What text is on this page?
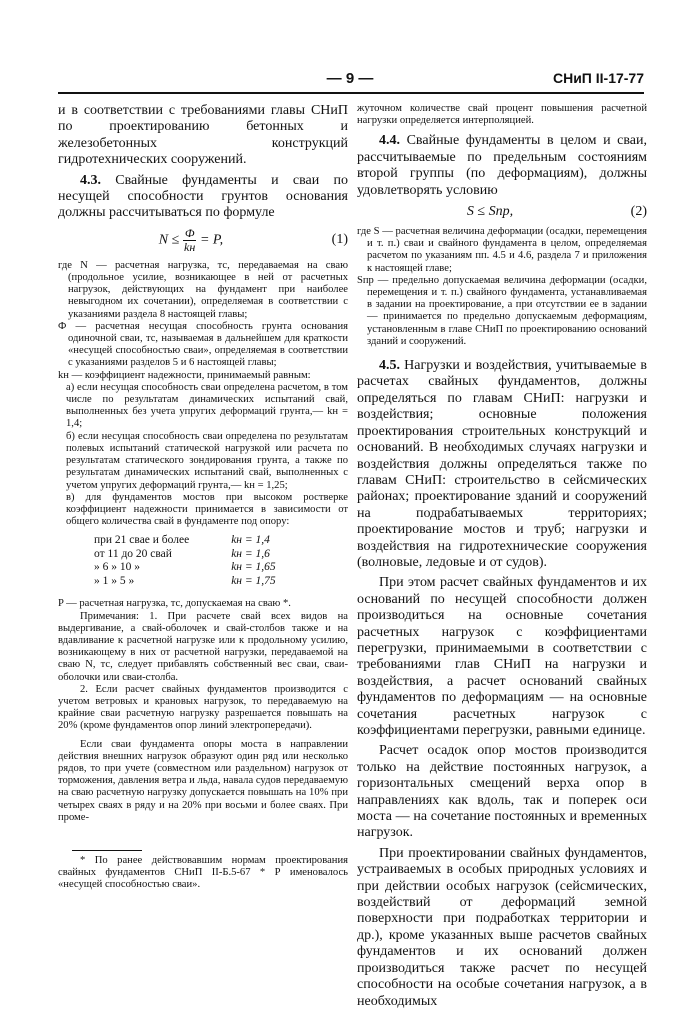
— 9 —	СНиП II-17-77

и в соответствии с требованиями главы СНиП по проектированию бетонных и железобетонных конструкций гидротехнических сооружений.

4.3. Свайные фундаменты и сваи по несущей способности грунтов основания должны рассчитываться по формуле

$N \le \frac{Ф}{kн} = P$,	(1)

где N — расчетная нагрузка, тс, передаваемая на сваю (продольное усилие, возникающее в ней от расчетных нагрузок, действующих на фундамент при наиболее невыгодном их сочетании), определяемая в соответствии с указаниями раздела 8 настоящей главы;

Ф — расчетная несущая способность грунта основания одиночной сваи, тс, называемая в дальнейшем для краткости «несущей способностью сваи», определяемая в соответствии с указаниями разделов 5 и 6 настоящей главы;

kн — коэффициент надежности, принимаемый равным:

а) если несущая способность сваи определена расчетом, в том числе по результатам динамических испытаний свай, выполненных без учета упругих деформаций грунта,— kн = 1,4;

б) если несущая способность сваи определена по результатам полевых испытаний статической нагрузкой или расчета по результатам статического зондирования грунта, а также по результатам динамических испытаний свай, выполненных с учетом упругих деформаций грунта,— kн = 1,25;

в) для фундаментов мостов при высоком ростверке коэффициент надежности принимается в зависимости от общего количества свай в фундаменте под опору:

при 21 свае и более	kн = 1,4
от 11 до 20 свай	kн = 1,6
» 6 » 10 »	kн = 1,65
» 1 » 5 »	kн = 1,75

P — расчетная нагрузка, тс, допускаемая на сваю *.

Примечания: 1. При расчете свай всех видов на выдергивание, а свай-оболочек и свай-столбов также и на вдавливание к расчетной нагрузке или к продольному усилию, возникающему в них от расчетной нагрузки, передаваемой на сваю N, тс, следует прибавлять собственный вес сваи, сваи-оболочки или сваи-столба.

2. Если расчет свайных фундаментов производится с учетом ветровых и крановых нагрузок, то передаваемую на крайние сваи расчетную нагрузку разрешается повышать на 20% (кроме фундаментов опор линий электропередачи).

Если сваи фундамента опоры моста в направлении действия внешних нагрузок образуют один ряд или несколько рядов, то при учете (совместном или раздельном) нагрузок от торможения, давления ветра и льда, навала судов передаваемую на сваю расчетную нагрузку допускается повышать на 10% при четырех сваях в ряду и на 20% при восьми и более сваях. При проме-

* По ранее действовавшим нормам проектирования свайных фундаментов СНиП II-Б.5-67 * Р именовалось «несущей способностью сваи».

жуточном количестве свай процент повышения расчетной нагрузки определяется интерполяцией.

4.4. Свайные фундаменты в целом и сваи, рассчитываемые по предельным состояниям второй группы (по деформациям), должны удовлетворять условию

S ≤ Sпр,	(2)

где S — расчетная величина деформации (осадки, перемещения и т. п.) сваи и свайного фундамента в целом, определяемая расчетом по указаниям пп. 4.5 и 4.6, раздела 7 и приложения к настоящей главе;

Sпр — предельно допускаемая величина деформации (осадки, перемещения и т. п.) свайного фундамента, устанавливаемая в задании на проектирование, а при отсутствии ее в задании — принимается по предельно допускаемым деформациям, установленным в главе СНиП по проектированию оснований зданий и сооружений.

4.5. Нагрузки и воздействия, учитываемые в расчетах свайных фундаментов, должны определяться по главам СНиП: нагрузки и воздействия; основные положения проектирования строительных конструкций и оснований. В необходимых случаях нагрузки и воздействия должны определяться также по главам СНиП: строительство в сейсмических районах; проектирование зданий и сооружений на подрабатываемых территориях; проектирование мостов и труб; нагрузки и воздействия на гидротехнические сооружения (волновые, ледовые и от судов).

При этом расчет свайных фундаментов и их оснований по несущей способности должен производиться на основные сочетания расчетных нагрузок с коэффициентами перегрузки, принимаемыми в соответствии с требованиями глав СНиП на нагрузки и воздействия, а расчет оснований свайных фундаментов по деформациям — на основные сочетания расчетных нагрузок с коэффициентами перегрузки, равными единице.

Расчет осадок опор мостов производится только на действие постоянных нагрузок, а горизонтальных смещений верха опор в направлениях как вдоль, так и поперек оси моста — на сочетание постоянных и временных нагрузок.

При проектировании свайных фундаментов, устраиваемых в особых природных условиях и при действии особых нагрузок (сейсмических, воздействий от деформаций земной поверхности при подработках территории и др.), кроме указанных выше расчетов свайных фундаментов и их оснований должен производиться также расчет по несущей способности на особые сочетания нагрузок, а в необходимых
